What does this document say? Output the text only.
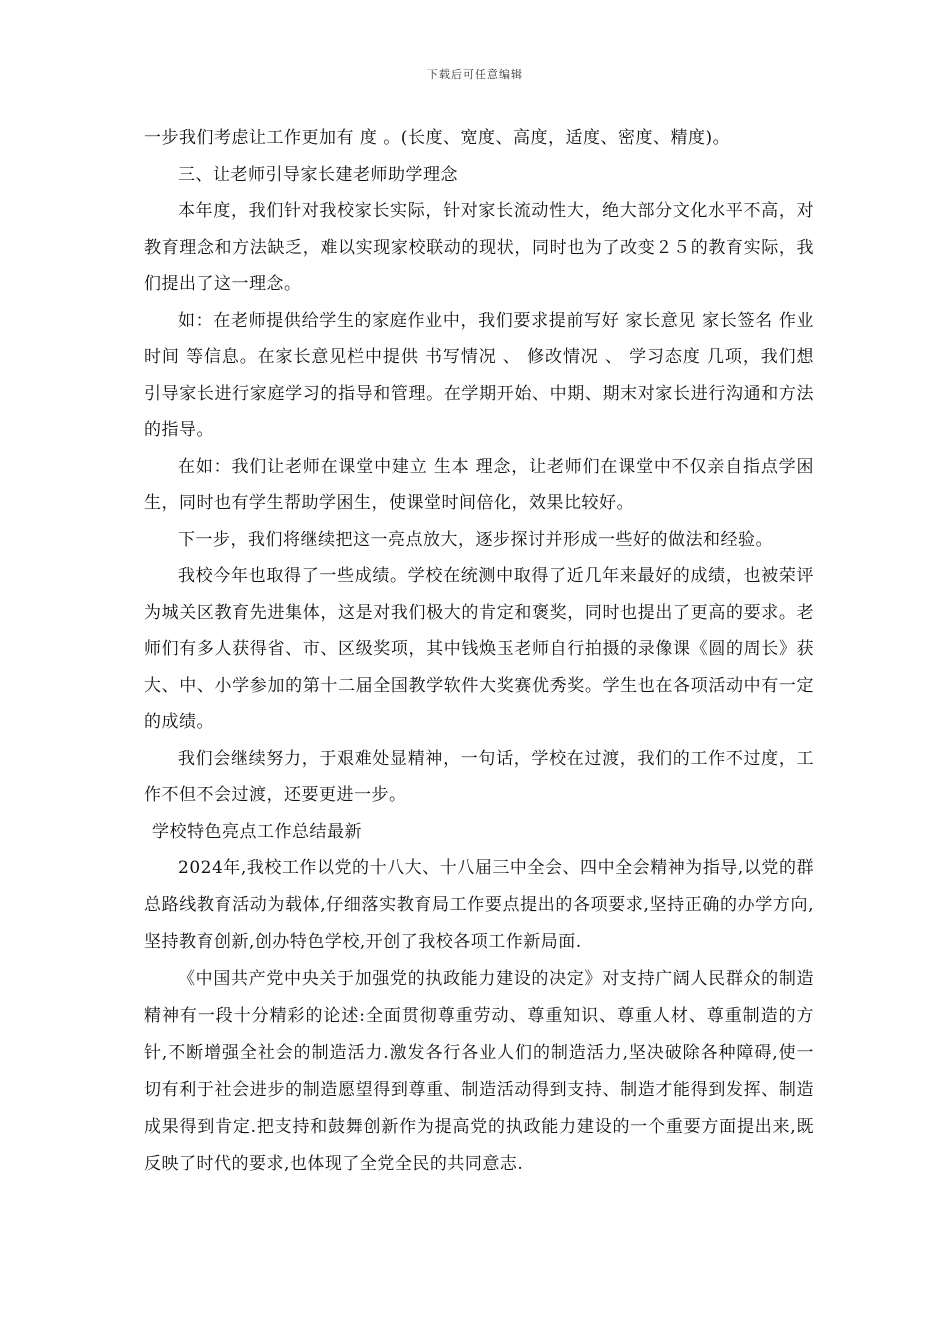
下载后可任意编辑

一步我们考虑让工作更加有 度 。(长度、宽度、高度，适度、密度、精度)。

三、让老师引导家长建老师助学理念

本年度，我们针对我校家长实际，针对家长流动性大，绝大部分文化水平不高，对教育理念和方法缺乏，难以实现家校联动的现状，同时也为了改变２５的教育实际，我们提出了这一理念。

如：在老师提供给学生的家庭作业中，我们要求提前写好 家长意见 家长签名 作业时间 等信息。在家长意见栏中提供 书写情况 、 修改情况 、 学习态度 几项，我们想引导家长进行家庭学习的指导和管理。在学期开始、中期、期末对家长进行沟通和方法的指导。

在如：我们让老师在课堂中建立 生本 理念，让老师们在课堂中不仅亲自指点学困生，同时也有学生帮助学困生，使课堂时间倍化，效果比较好。

下一步，我们将继续把这一亮点放大，逐步探讨并形成一些好的做法和经验。

我校今年也取得了一些成绩。学校在统测中取得了近几年来最好的成绩，也被荣评为城关区教育先进集体，这是对我们极大的肯定和褒奖，同时也提出了更高的要求。老师们有多人获得省、市、区级奖项，其中钱焕玉老师自行拍摄的录像课《圆的周长》获大、中、小学参加的第十二届全国教学软件大奖赛优秀奖。学生也在各项活动中有一定的成绩。

我们会继续努力，于艰难处显精神，一句话，学校在过渡，我们的工作不过度，工作不但不会过渡，还要更进一步。

学校特色亮点工作总结最新

2024年,我校工作以党的十八大、十八届三中全会、四中全会精神为指导,以党的群总路线教育活动为载体,仔细落实教育局工作要点提出的各项要求,坚持正确的办学方向,坚持教育创新,创办特色学校,开创了我校各项工作新局面.

《中国共产党中央关于加强党的执政能力建设的决定》对支持广阔人民群众的制造精神有一段十分精彩的论述:全面贯彻尊重劳动、尊重知识、尊重人材、尊重制造的方针,不断增强全社会的制造活力.激发各行各业人们的制造活力,坚决破除各种障碍,使一切有利于社会进步的制造愿望得到尊重、制造活动得到支持、制造才能得到发挥、制造成果得到肯定.把支持和鼓舞创新作为提高党的执政能力建设的一个重要方面提出来,既反映了时代的要求,也体现了全党全民的共同意志.
